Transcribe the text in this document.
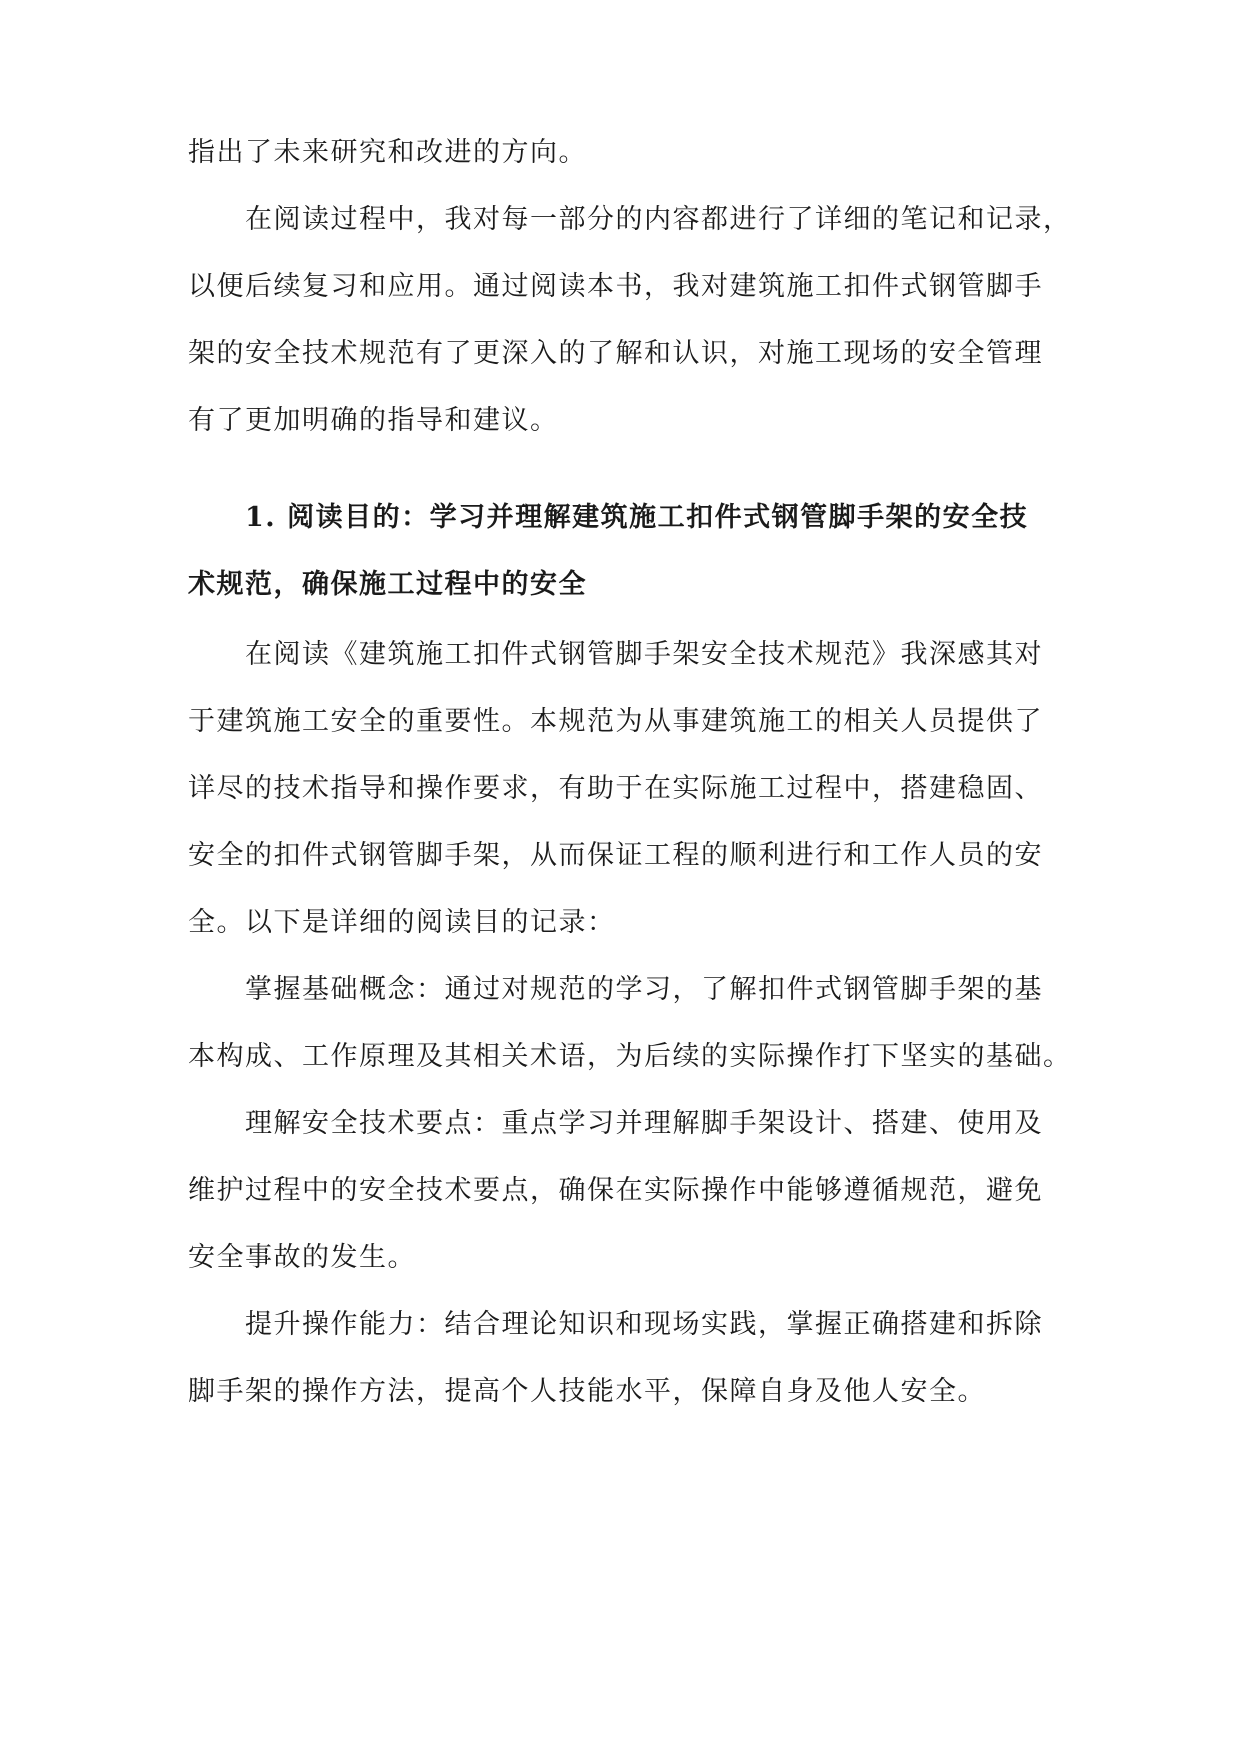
指出了未来研究和改进的方向。
在阅读过程中，我对每一部分的内容都进行了详细的笔记和记录，
以便后续复习和应用。通过阅读本书，我对建筑施工扣件式钢管脚手
架的安全技术规范有了更深入的了解和认识，对施工现场的安全管理
有了更加明确的指导和建议。
1. 阅读目的：学习并理解建筑施工扣件式钢管脚手架的安全技
术规范，确保施工过程中的安全
在阅读《建筑施工扣件式钢管脚手架安全技术规范》我深感其对
于建筑施工安全的重要性。本规范为从事建筑施工的相关人员提供了
详尽的技术指导和操作要求，有助于在实际施工过程中，搭建稳固、
安全的扣件式钢管脚手架，从而保证工程的顺利进行和工作人员的安
全。以下是详细的阅读目的记录：
掌握基础概念：通过对规范的学习，了解扣件式钢管脚手架的基
本构成、工作原理及其相关术语，为后续的实际操作打下坚实的基础。
理解安全技术要点：重点学习并理解脚手架设计、搭建、使用及
维护过程中的安全技术要点，确保在实际操作中能够遵循规范，避免
安全事故的发生。
提升操作能力：结合理论知识和现场实践，掌握正确搭建和拆除
脚手架的操作方法，提高个人技能水平，保障自身及他人安全。
